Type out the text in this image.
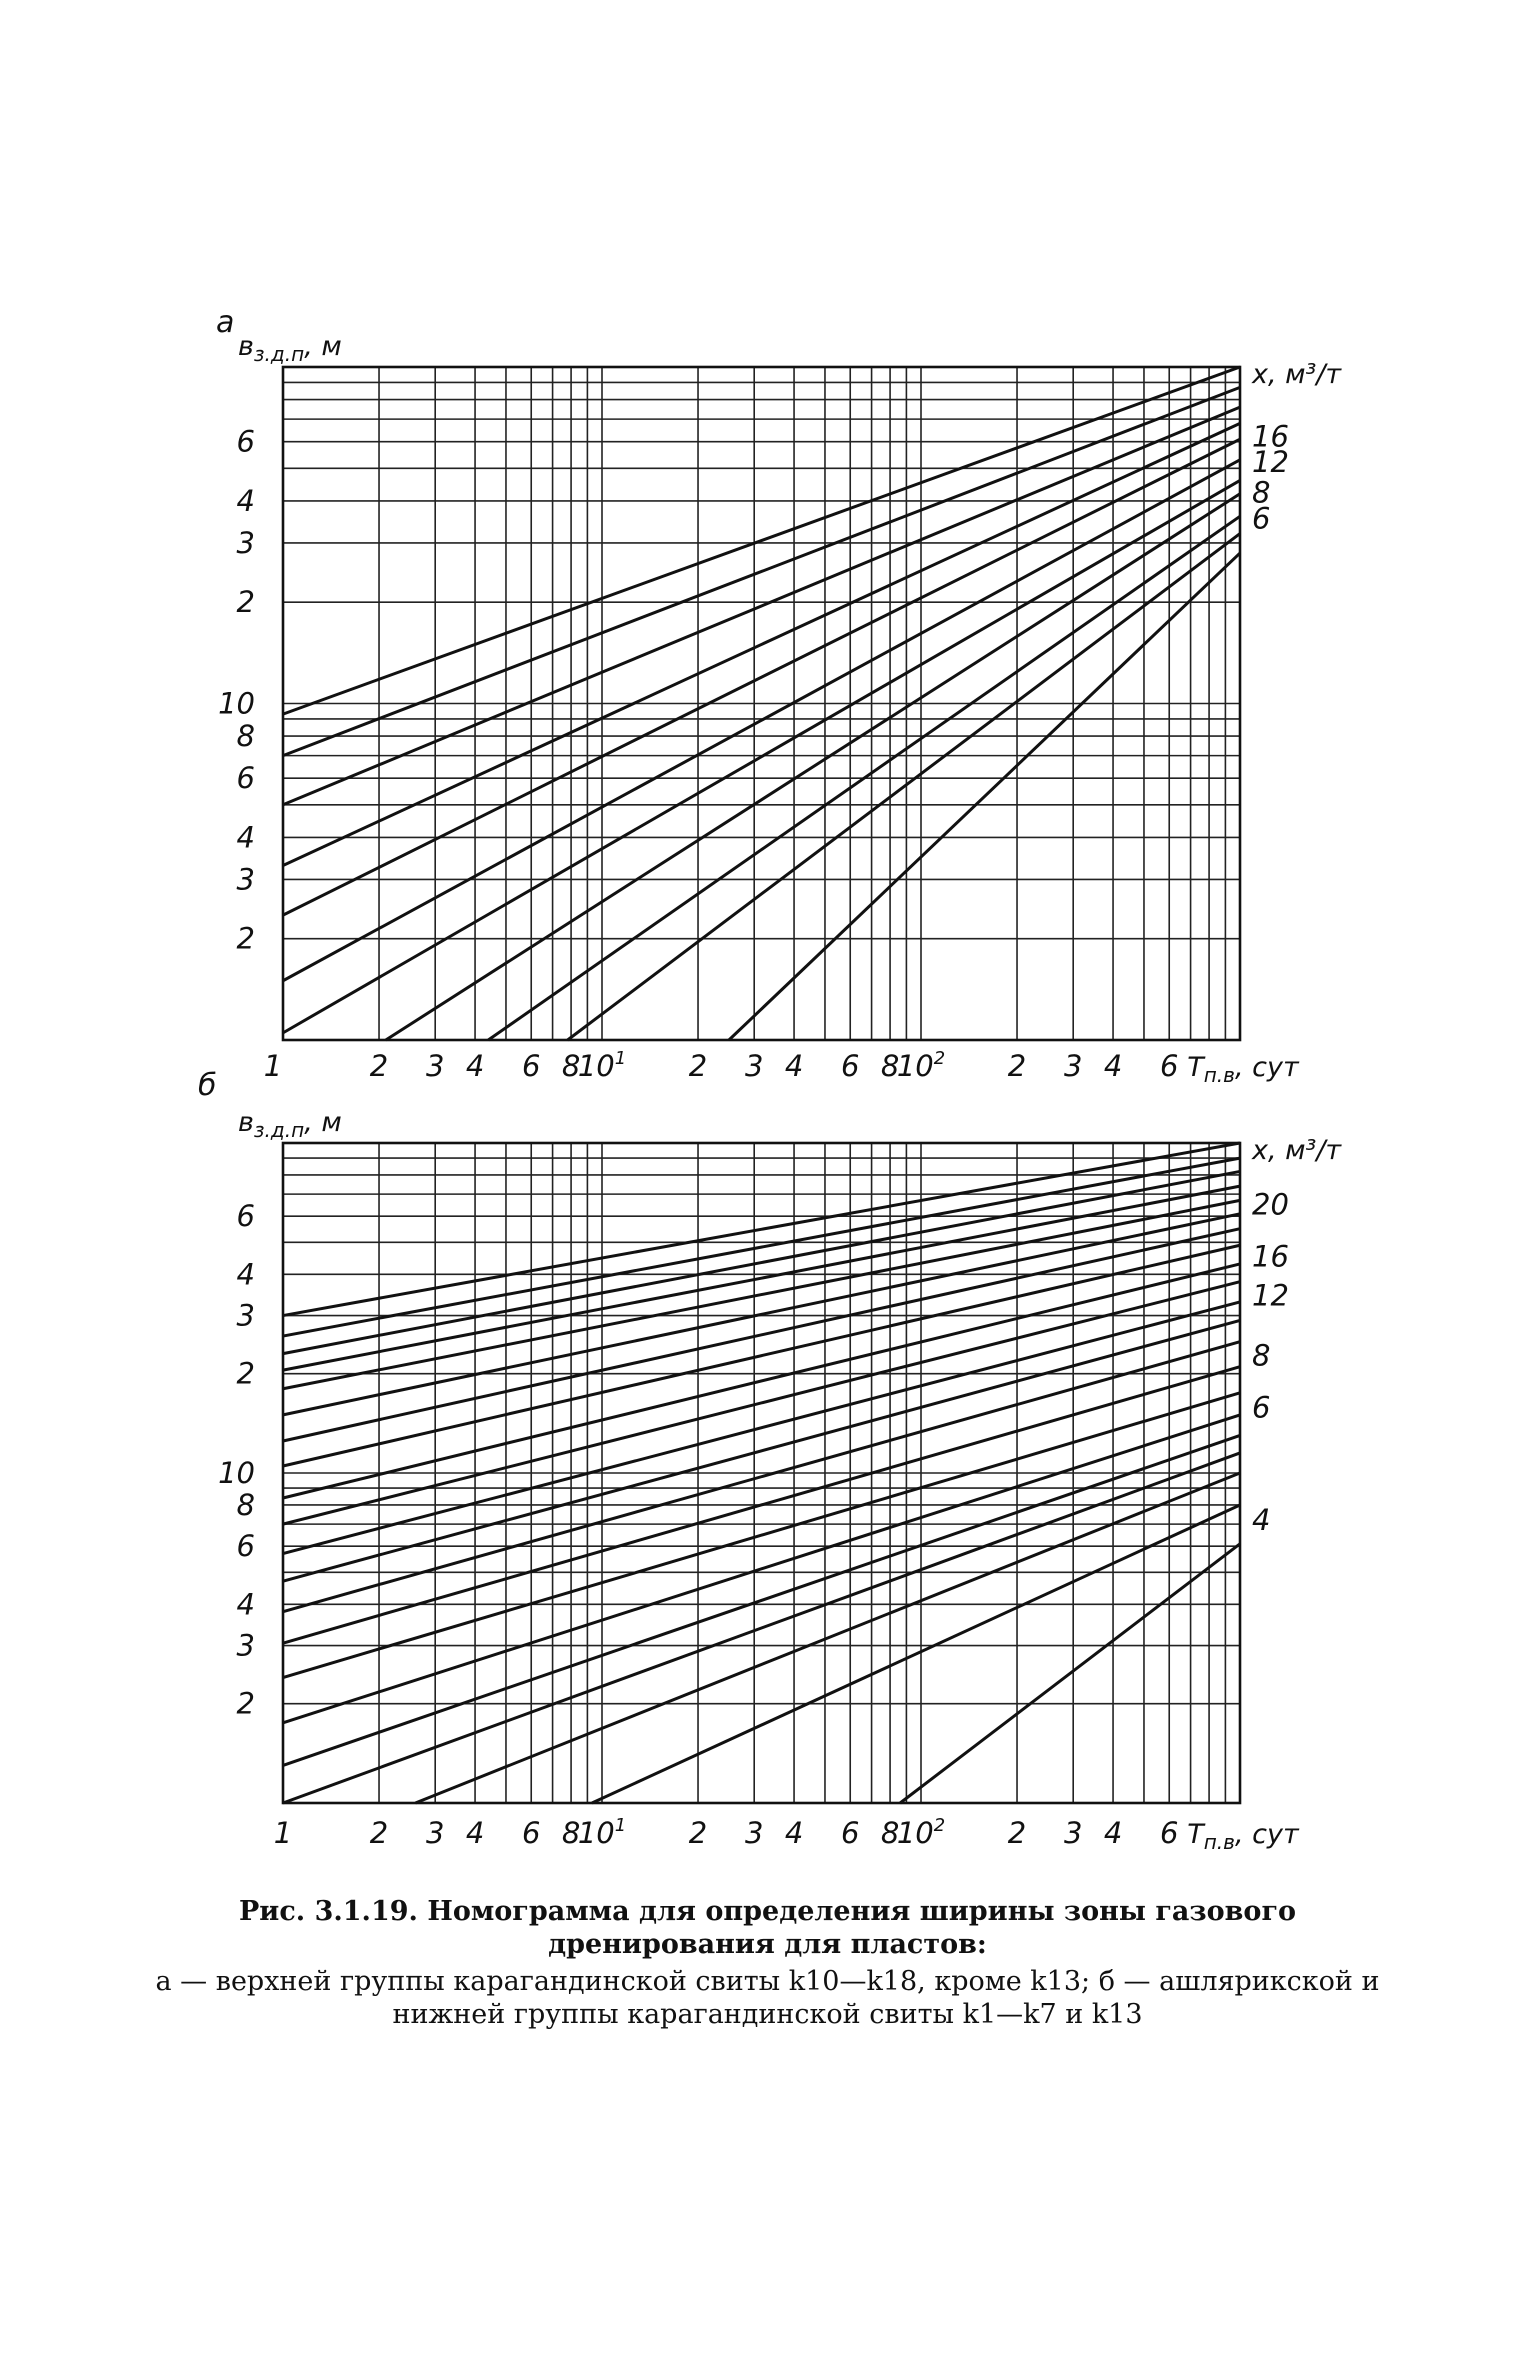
а
$в_{з.д.п}$, м
2
3
4
6
8
10
2
3
4
6
1	2 3 4 6 8
$10^1$ 2 3 4 6 8
$10^2$ 2 3 4 6 $T_{п.в}$, сут
x, м³/т
16
12
8
6
б
$в_{з.д.п}$, м
2
3
4
6
8
10
2
3
4
6
1	2 3 4 6 8
$10^1$ 2 3 4 6 8
$10^2$ 2 3 4 6 $T_{п.в}$, сут
x, м³/т
20
16
12
8
6
4
Рис. 3.1.19. Номограмма для определения ширины зоны газового дренирования для пластов:
а — верхней группы карагандинской свиты k10—k18, кроме k13; б — ашлярикской и нижней группы карагандинской свиты k1—k7 и k13
